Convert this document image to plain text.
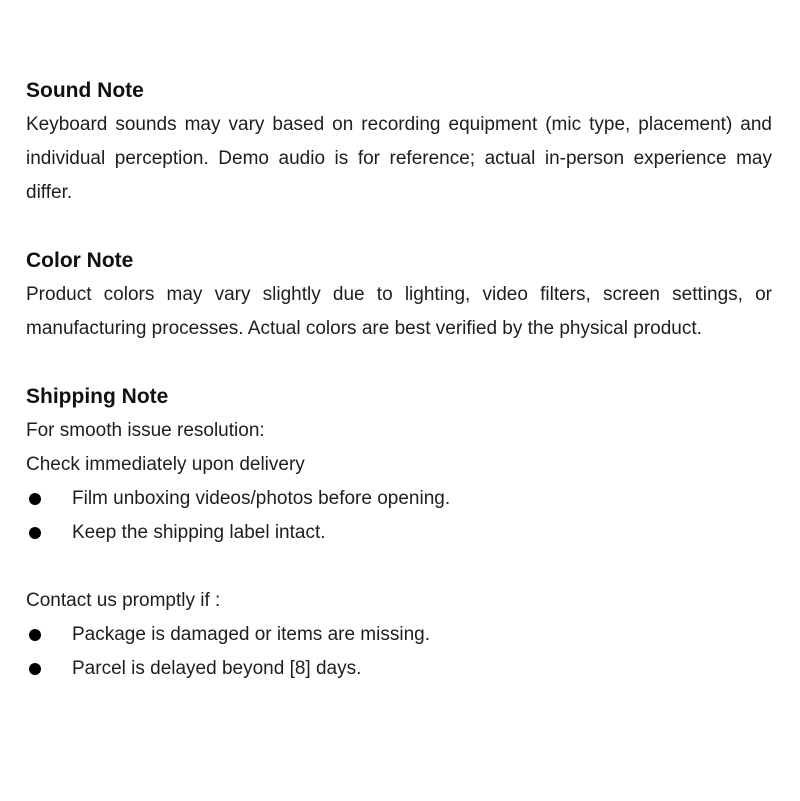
Sound Note

Keyboard sounds may vary based on recording equipment (mic type, placement) and individual perception. Demo audio is for reference; actual in-person experience may differ.

Color Note

Product colors may vary slightly due to lighting, video filters, screen settings, or manufacturing processes. Actual colors are best verified by the physical product.

Shipping Note

For smooth issue resolution:

Check immediately upon delivery

Film unboxing videos/photos before opening.
Keep the shipping label intact.

Contact us promptly if :

Package is damaged or items are missing.
Parcel is delayed beyond [8] days.
